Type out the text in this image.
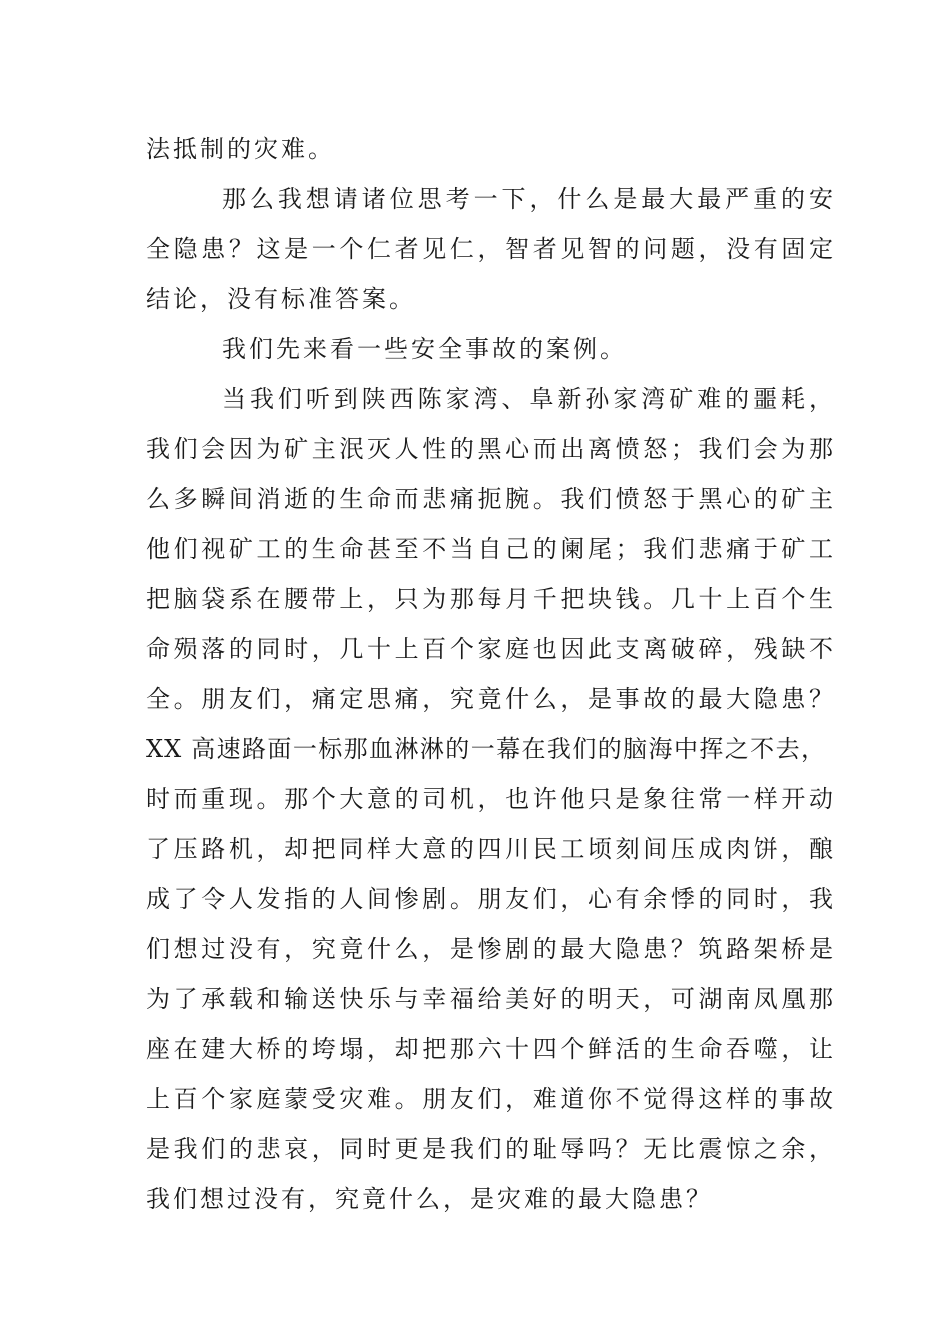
法抵制的灾难。
那么我想请诸位思考一下，什么是最大最严重的安
全隐患？这是一个仁者见仁，智者见智的问题，没有固定
结论，没有标准答案。
我们先来看一些安全事故的案例。
当我们听到陕西陈家湾、阜新孙家湾矿难的噩耗，
我们会因为矿主泯灭人性的黑心而出离愤怒；我们会为那
么多瞬间消逝的生命而悲痛扼腕。我们愤怒于黑心的矿主
他们视矿工的生命甚至不当自己的阑尾；我们悲痛于矿工
把脑袋系在腰带上，只为那每月千把块钱。几十上百个生
命殒落的同时，几十上百个家庭也因此支离破碎，残缺不
全。朋友们，痛定思痛，究竟什么，是事故的最大隐患？
XX 高速路面一标那血淋淋的一幕在我们的脑海中挥之不去，
时而重现。那个大意的司机，也许他只是象往常一样开动
了压路机，却把同样大意的四川民工顷刻间压成肉饼，酿
成了令人发指的人间惨剧。朋友们，心有余悸的同时，我
们想过没有，究竟什么，是惨剧的最大隐患？筑路架桥是
为了承载和输送快乐与幸福给美好的明天，可湖南凤凰那
座在建大桥的垮塌，却把那六十四个鲜活的生命吞噬，让
上百个家庭蒙受灾难。朋友们，难道你不觉得这样的事故
是我们的悲哀，同时更是我们的耻辱吗？无比震惊之余，
我们想过没有，究竟什么，是灾难的最大隐患？
